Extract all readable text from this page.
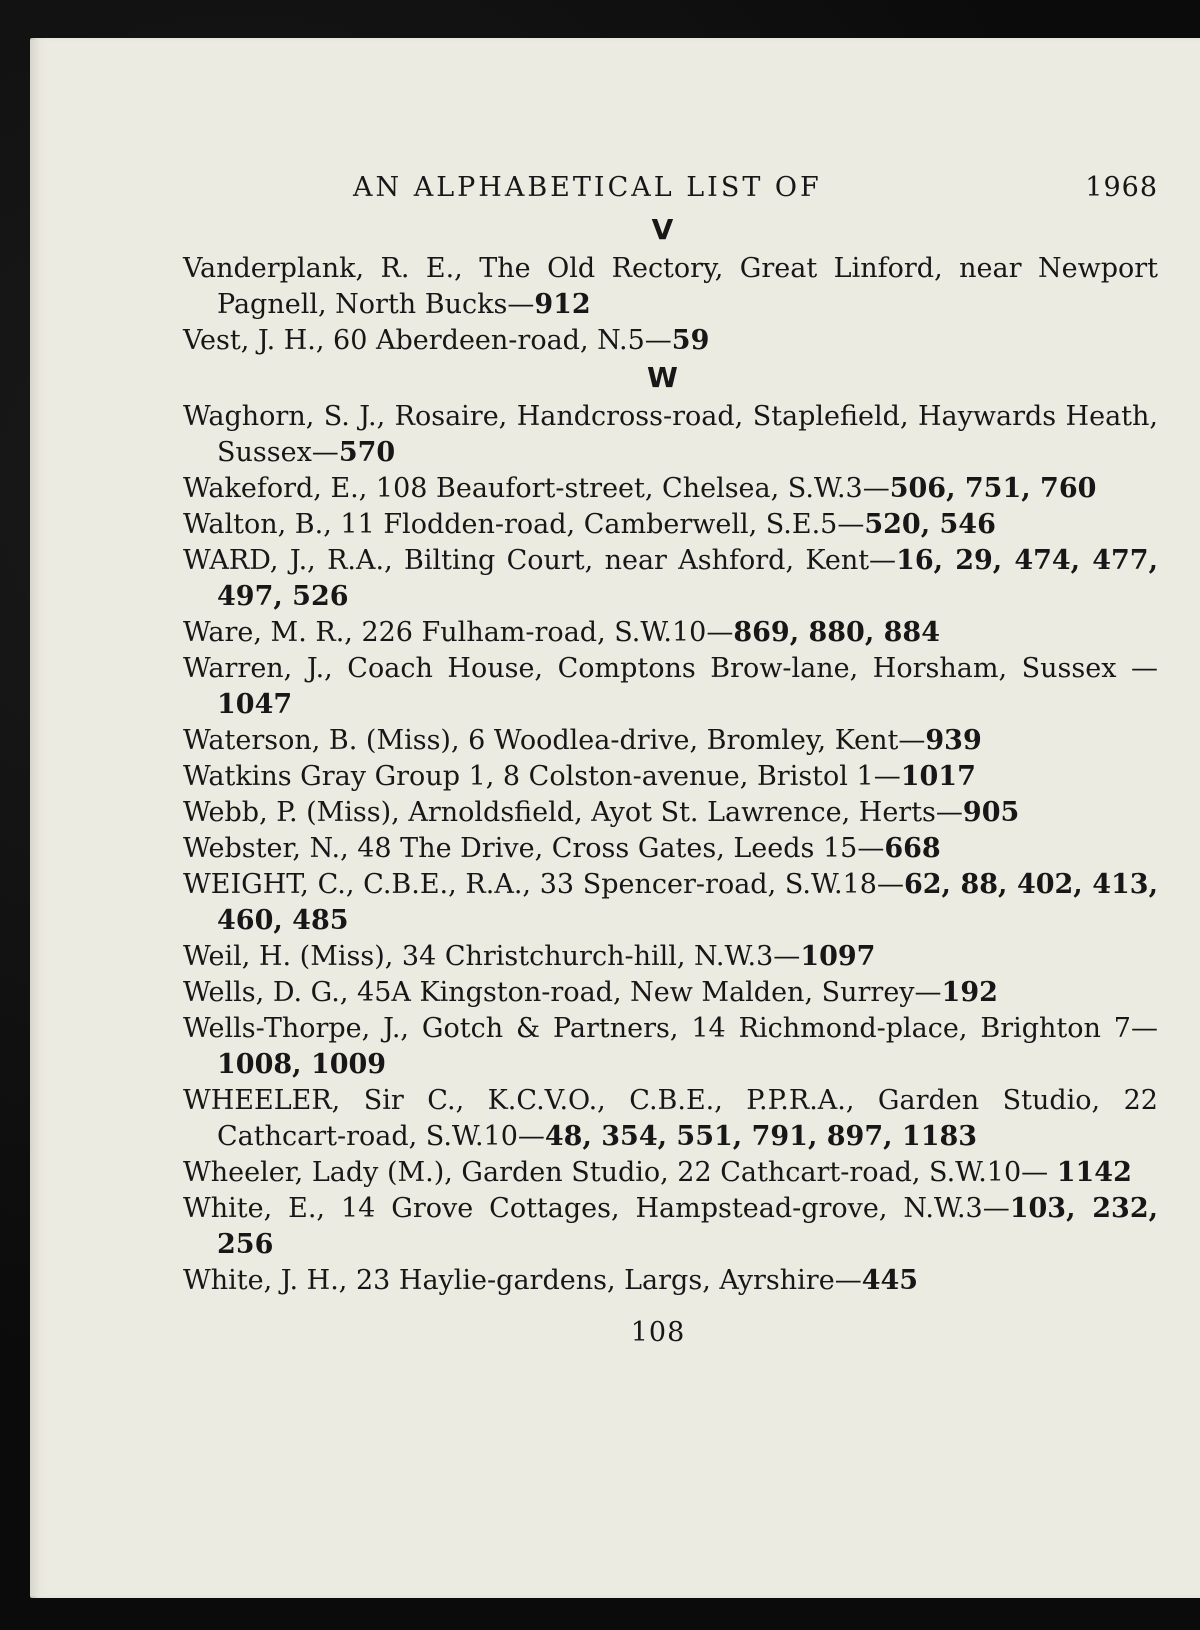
AN ALPHABETICAL LIST OF	1968
V

Vanderplank, R. E., The Old Rectory, Great Linford, near Newport Pagnell, North Bucks—912

Vest, J. H., 60 Aberdeen-road, N.5—59

W

Waghorn, S. J., Rosaire, Handcross-road, Staplefield, Haywards Heath, Sussex—570

Wakeford, E., 108 Beaufort-street, Chelsea, S.W.3—506, 751, 760

Walton, B., 11 Flodden-road, Camberwell, S.E.5—520, 546

WARD, J., R.A., Bilting Court, near Ashford, Kent—16, 29, 474, 477, 497, 526

Ware, M. R., 226 Fulham-road, S.W.10—869, 880, 884

Warren, J., Coach House, Comptons Brow-lane, Horsham, Sussex —1047

Waterson, B. (Miss), 6 Woodlea-drive, Bromley, Kent—939

Watkins Gray Group 1, 8 Colston-avenue, Bristol 1—1017

Webb, P. (Miss), Arnoldsfield, Ayot St. Lawrence, Herts—905

Webster, N., 48 The Drive, Cross Gates, Leeds 15—668

WEIGHT, C., C.B.E., R.A., 33 Spencer-road, S.W.18—62, 88, 402, 413, 460, 485

Weil, H. (Miss), 34 Christchurch-hill, N.W.3—1097

Wells, D. G., 45A Kingston-road, New Malden, Surrey—192

Wells-Thorpe, J., Gotch & Partners, 14 Richmond-place, Brighton 7—1008, 1009

WHEELER, Sir C., K.C.V.O., C.B.E., P.P.R.A., Garden Studio, 22 Cathcart-road, S.W.10—48, 354, 551, 791, 897, 1183

Wheeler, Lady (M.), Garden Studio, 22 Cathcart-road, S.W.10— 1142

White, E., 14 Grove Cottages, Hampstead-grove, N.W.3—103, 232, 256

White, J. H., 23 Haylie-gardens, Largs, Ayrshire—445

108
